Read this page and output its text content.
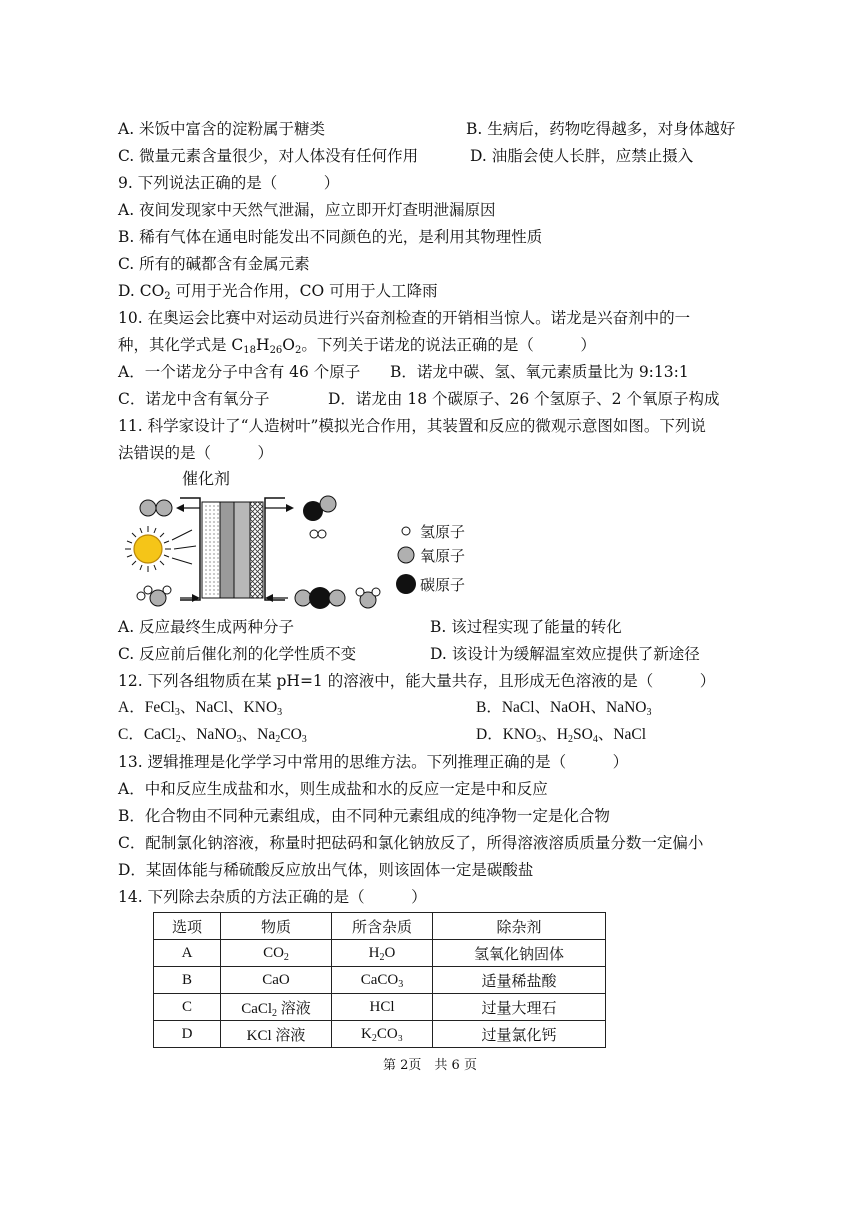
A. 米饭中富含的淀粉属于糖类	B. 生病后，药物吃得越多，对身体越好
C. 微量元素含量很少，对人体没有任何作用	D. 油脂会使人长胖，应禁止摄入
9. 下列说法正确的是（　　　）
A. 夜间发现家中天然气泄漏，应立即开灯查明泄漏原因
B. 稀有气体在通电时能发出不同颜色的光，是利用其物理性质
C. 所有的碱都含有金属元素
D. $CO_2$ 可用于光合作用，CO 可用于人工降雨
10. 在奥运会比赛中对运动员进行兴奋剂检查的开销相当惊人。诺龙是兴奋剂中的一
种，其化学式是 $C_{18}H_{26}O_2$。下列关于诺龙的说法正确的是（　　　）
A．一个诺龙分子中含有 46 个原子 B．诺龙中碳、氢、氧元素质量比为 9:13:1
C．诺龙中含有氧分子	D．诺龙由 18 个碳原子、26 个氢原子、2 个氧原子构成
11. 科学家设计了“人造树叶”模拟光合作用，其装置和反应的微观示意图如图。下列说
法错误的是（　　　）
催化剂
氢原子
氧原子
碳原子
A. 反应最终生成两种分子	B. 该过程实现了能量的转化
C. 反应前后催化剂的化学性质不变	D. 该设计为缓解温室效应提供了新途径
12. 下列各组物质在某 pH=1 的溶液中，能大量共存，且形成无色溶液的是（　　　）
A．FeCl$_3$、NaCl、$KNO_3$	B．NaCl、NaOH、NaNO$_3$
C．CaCl$_2$、NaNO$_3$、$Na_2CO_3$	D．$KNO_3$、$H_2SO_4$、NaCl
13. 逻辑推理是化学学习中常用的思维方法。下列推理正确的是（　　　）
A．中和反应生成盐和水，则生成盐和水的反应一定是中和反应
B．化合物由不同种元素组成，由不同种元素组成的纯净物一定是化合物
C．配制氯化钠溶液，称量时把砝码和氯化钠放反了，所得溶液溶质质量分数一定偏小
D．某固体能与稀硫酸反应放出气体，则该固体一定是碳酸盐
14. 下列除去杂质的方法正确的是（　　　）
选项	物质	所含杂质	除杂剂
A	$CO_2$	$H_2O$	氢氧化钠固体
B	CaO	CaCO$_3$	适量稀盐酸
C	CaCl$_2$ 溶液	HCl	过量大理石
D	KCl 溶液	$K_2CO_3$	过量氯化钙
第 2页　共 6 页
